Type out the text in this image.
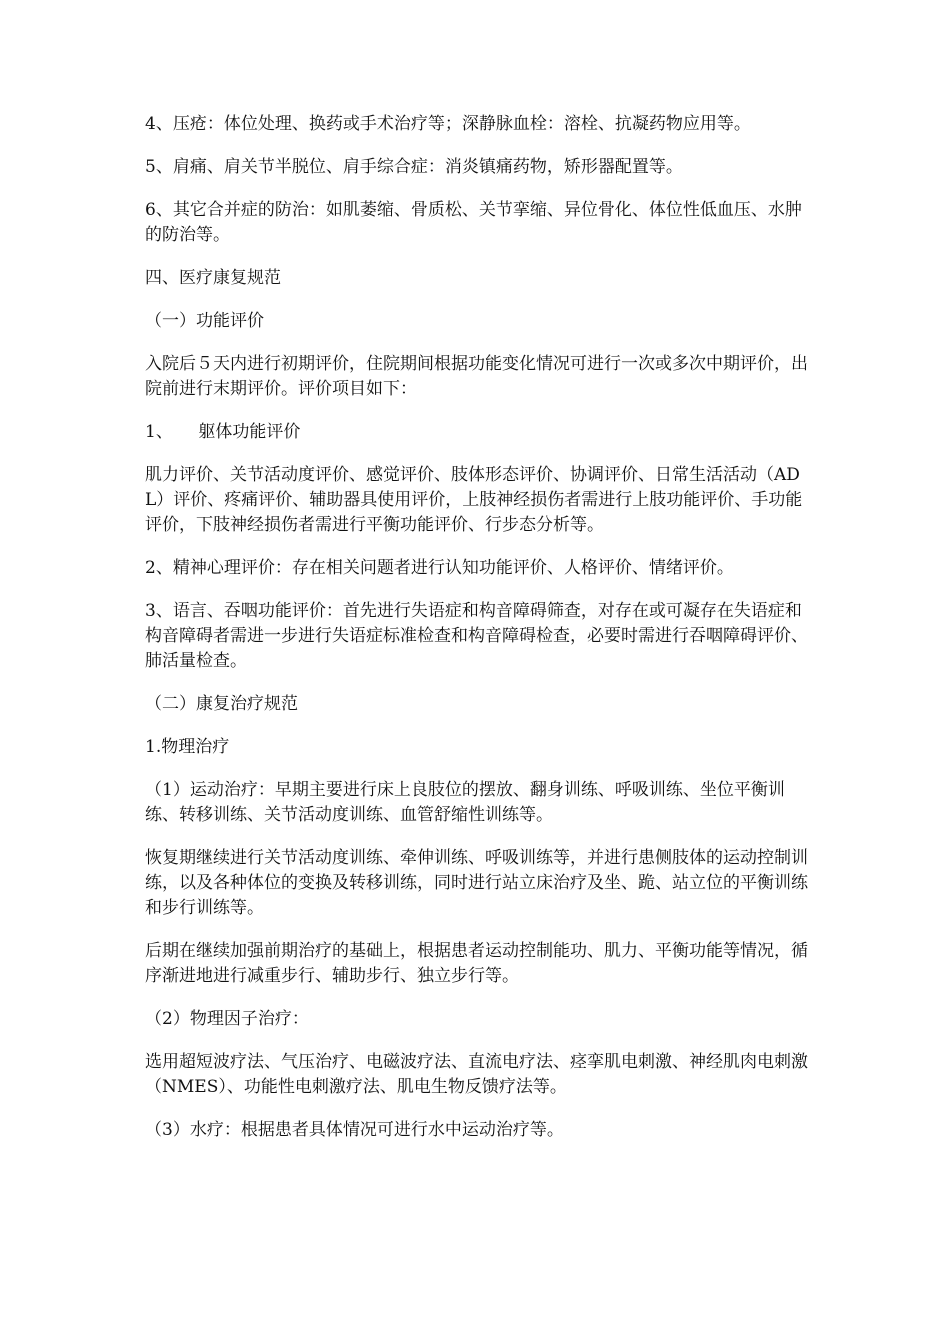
4、压疮：体位处理、换药或手术治疗等；深静脉血栓：溶栓、抗凝药物应用等。

5、肩痛、肩关节半脱位、肩手综合症：消炎镇痛药物，矫形器配置等。

6、其它合并症的防治：如肌萎缩、骨质松、关节挛缩、异位骨化、体位性低血压、水肿的防治等。

四、医疗康复规范

（一）功能评价

入院后５天内进行初期评价，住院期间根据功能变化情况可进行一次或多次中期评价，出院前进行末期评价。评价项目如下：

1、　　躯体功能评价

肌力评价、关节活动度评价、感觉评价、肢体形态评价、协调评价、日常生活活动（ADL）评价、疼痛评价、辅助器具使用评价，上肢神经损伤者需进行上肢功能评价、手功能评价，下肢神经损伤者需进行平衡功能评价、行步态分析等。

2、精神心理评价：存在相关问题者进行认知功能评价、人格评价、情绪评价。

3、语言、吞咽功能评价：首先进行失语症和构音障碍筛查，对存在或可凝存在失语症和构音障碍者需进一步进行失语症标准检查和构音障碍检查，必要时需进行吞咽障碍评价、肺活量检查。

（二）康复治疗规范

1.物理治疗

（1）运动治疗：早期主要进行床上良肢位的摆放、翻身训练、呼吸训练、坐位平衡训练、转移训练、关节活动度训练、血管舒缩性训练等。

恢复期继续进行关节活动度训练、牵伸训练、呼吸训练等，并进行患侧肢体的运动控制训练，以及各种体位的变换及转移训练，同时进行站立床治疗及坐、跪、站立位的平衡训练和步行训练等。

后期在继续加强前期治疗的基础上，根据患者运动控制能功、肌力、平衡功能等情况，循序渐进地进行减重步行、辅助步行、独立步行等。

（2）物理因子治疗：

选用超短波疗法、气压治疗、电磁波疗法、直流电疗法、痉挛肌电刺激、神经肌肉电刺激（NMES）、功能性电刺激疗法、肌电生物反馈疗法等。

（3）水疗：根据患者具体情况可进行水中运动治疗等。
